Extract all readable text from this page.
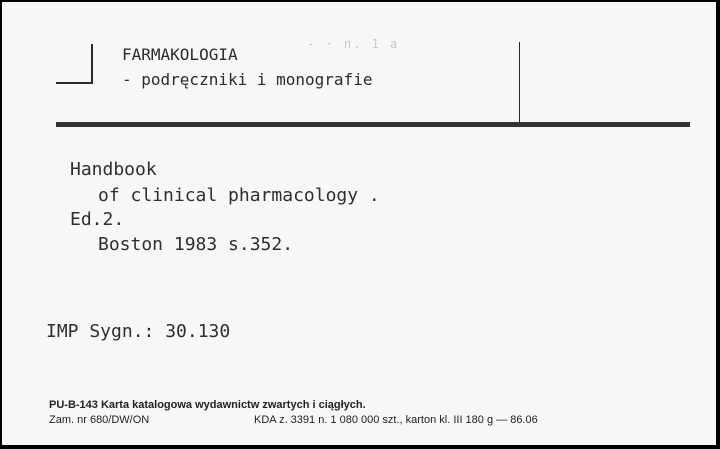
- · n. 1 a
FARMAKOLOGIA
- podręczniki i monografie
Handbook
of clinical pharmacology .
Ed.2.
Boston 1983 s.352.
IMP Sygn.: 30.130
PU-B-143 Karta katalogowa wydawnictw zwartych i ciągłych.
Zam. nr 680/DW/ON	KDA z. 3391 n. 1 080 000 szt., karton kl. III 180 g — 86.06
